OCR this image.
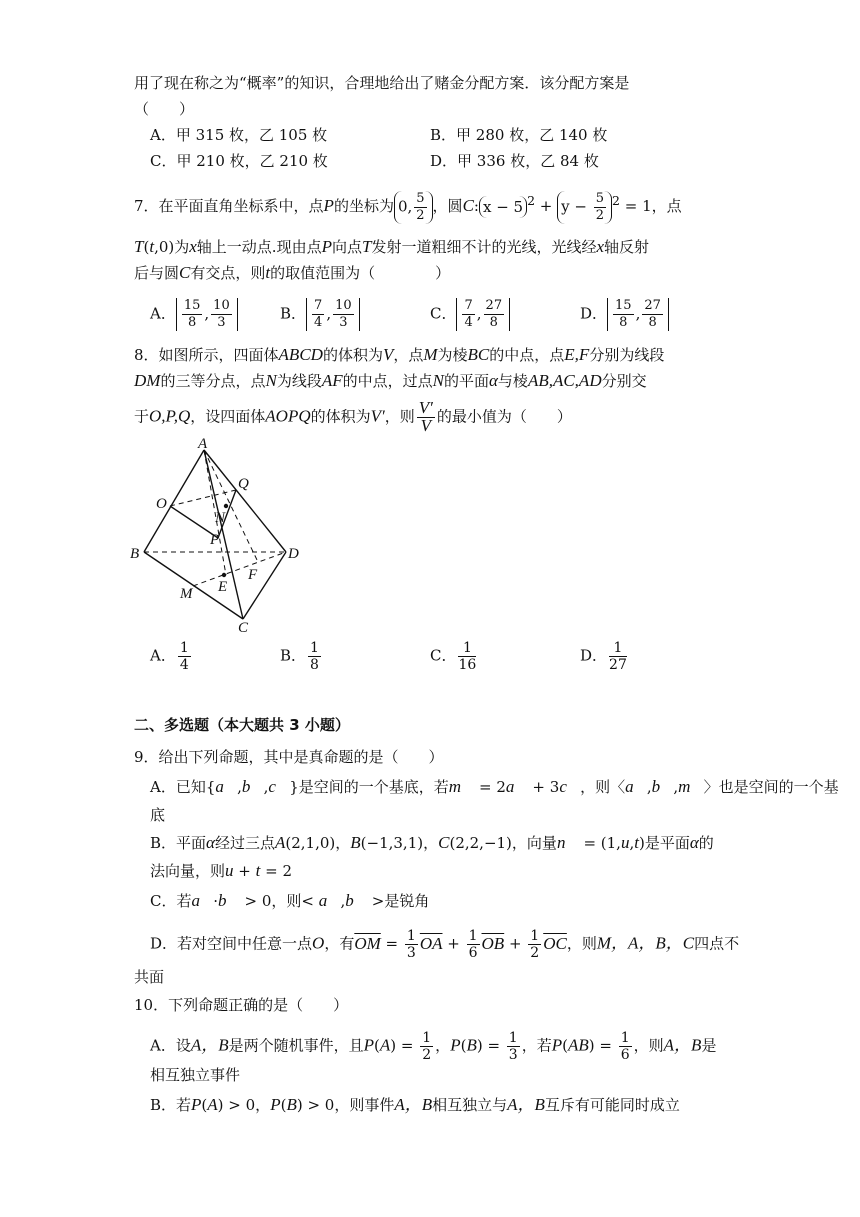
用了现在称之为“概率”的知识，合理地给出了赌金分配方案．该分配方案是
（　　）
A．甲 315 枚，乙 105 枚	B．甲 280 枚，乙 140 枚
C．甲 210 枚，乙 210 枚	D．甲 336 枚，乙 84 枚
7．在平面直角坐标系中，点P的坐标为 0, $\frac{5}{2}$ ，圆C: x − 5 $^2 + y - \frac{5}{2} ^2 = 1$，点
T(t,0)为x轴上一动点.现由点P向点T发射一道粗细不计的光线，光线经x轴反射
后与圆C有交点，则t的取值范围为（　　　　）
A． $\frac{15}{8}$ , $\frac{10}{3}$	B． $\frac{7}{4}$ , $\frac{10}{3}$	C． $\frac{7}{4}$ , $\frac{27}{8}$	D． $\frac{15}{8}$ , $\frac{27}{8}$
8．如图所示，四面体ABCD的体积为V，点M为棱BC的中点，点E,F分别为线段
DM的三等分点，点N为线段AF的中点，过点N的平面α与棱AB,AC,AD分别交
于O,P,Q，设四面体AOPQ的体积为V′，则 $\frac{V'}{V}$ 的最小值为（　　）
A
O
Q
N
P
B	D
F
E
M
C
A． $\frac{1}{4}$	B． $\frac{1}{8}$	C． $\frac{1}{16}$	D． $\frac{1}{27}$
二、多选题（本大题共 3 小题）
9．给出下列命题，其中是真命题的是（　　）
A．已知{a⃗,b⃗,c⃗}是空间的一个基底，若m⃗ = 2a⃗ + 3c⃗，则〈a⃗,b⃗,m⃗〉也是空间的一个基
底
B．平面α经过三点A(2,1,0)，B(−1,3,1)，C(2,2,−1)，向量n⃗ = (1,u,t)是平面α的
法向量，则u + t = 2
C．若a⃗·b⃗ > 0，则< a⃗,b⃗ >是锐角
D．若对空间中任意一点O，有$\overline{OM} = \frac{1}{3} \overline{OA} + \frac{1}{6} \overline{OB} + \frac{1}{2} \overline{OC}$，则M，A，B，C四点不
共面
10．下列命题正确的是（　　）
A．设A，B是两个随机事件，且$P(A) = \frac{1}{2}$ ，$P(B) = \frac{1}{3}$ ，若$P(AB) = \frac{1}{6}$ ，则A，B是
相互独立事件
B．若P(A) > 0，P(B) > 0，则事件A，B相互独立与A，B互斥有可能同时成立
